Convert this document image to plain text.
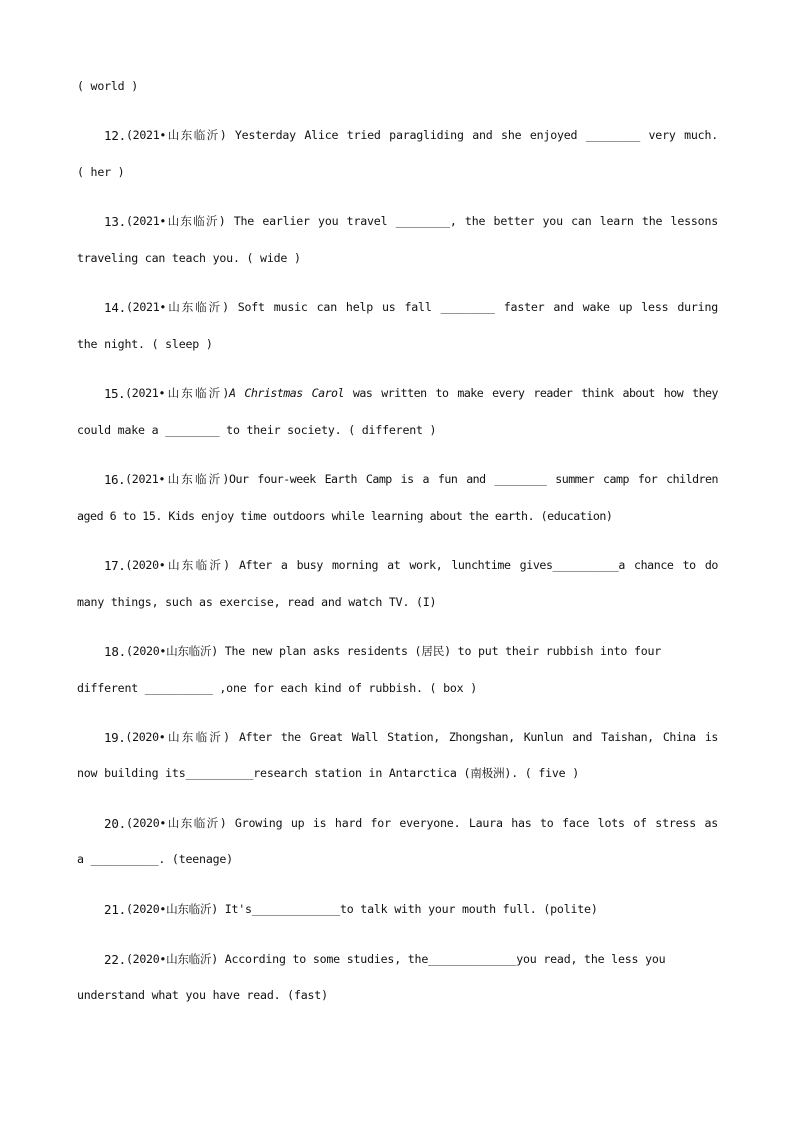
( world )
12.(2021•山东临沂) Yesterday Alice tried paragliding and she enjoyed ________ very much.
( her )
13.(2021•山东临沂) The earlier you travel ________, the better you can learn the lessons
traveling can teach you. ( wide )
14.(2021•山东临沂) Soft music can help us fall ________ faster and wake up less during
the night. ( sleep )
15.(2021•山东临沂)A Christmas Carol was written to make every reader think about how they
could make a ________ to their society. ( different )
16.(2021•山东临沂)Our four-week Earth Camp is a fun and ________ summer camp for children
aged 6 to 15. Kids enjoy time outdoors while learning about the earth. (education)
17.(2020•山东临沂) After a busy morning at work, lunchtime gives__________a chance to do
many things, such as exercise, read and watch TV. (I)
18.(2020•山东临沂) The new plan asks residents (居民) to put their rubbish into four
different __________ ,one for each kind of rubbish. ( box )
19.(2020•山东临沂) After the Great Wall Station, Zhongshan, Kunlun and Taishan, China is
now building its__________research station in Antarctica (南极洲). ( five )
20.(2020•山东临沂) Growing up is hard for everyone. Laura has to face lots of stress as
a __________. (teenage)
21.(2020•山东临沂) It's_____________to talk with your mouth full. (polite)
22.(2020•山东临沂) According to some studies, the_____________you read, the less you
understand what you have read. (fast)
